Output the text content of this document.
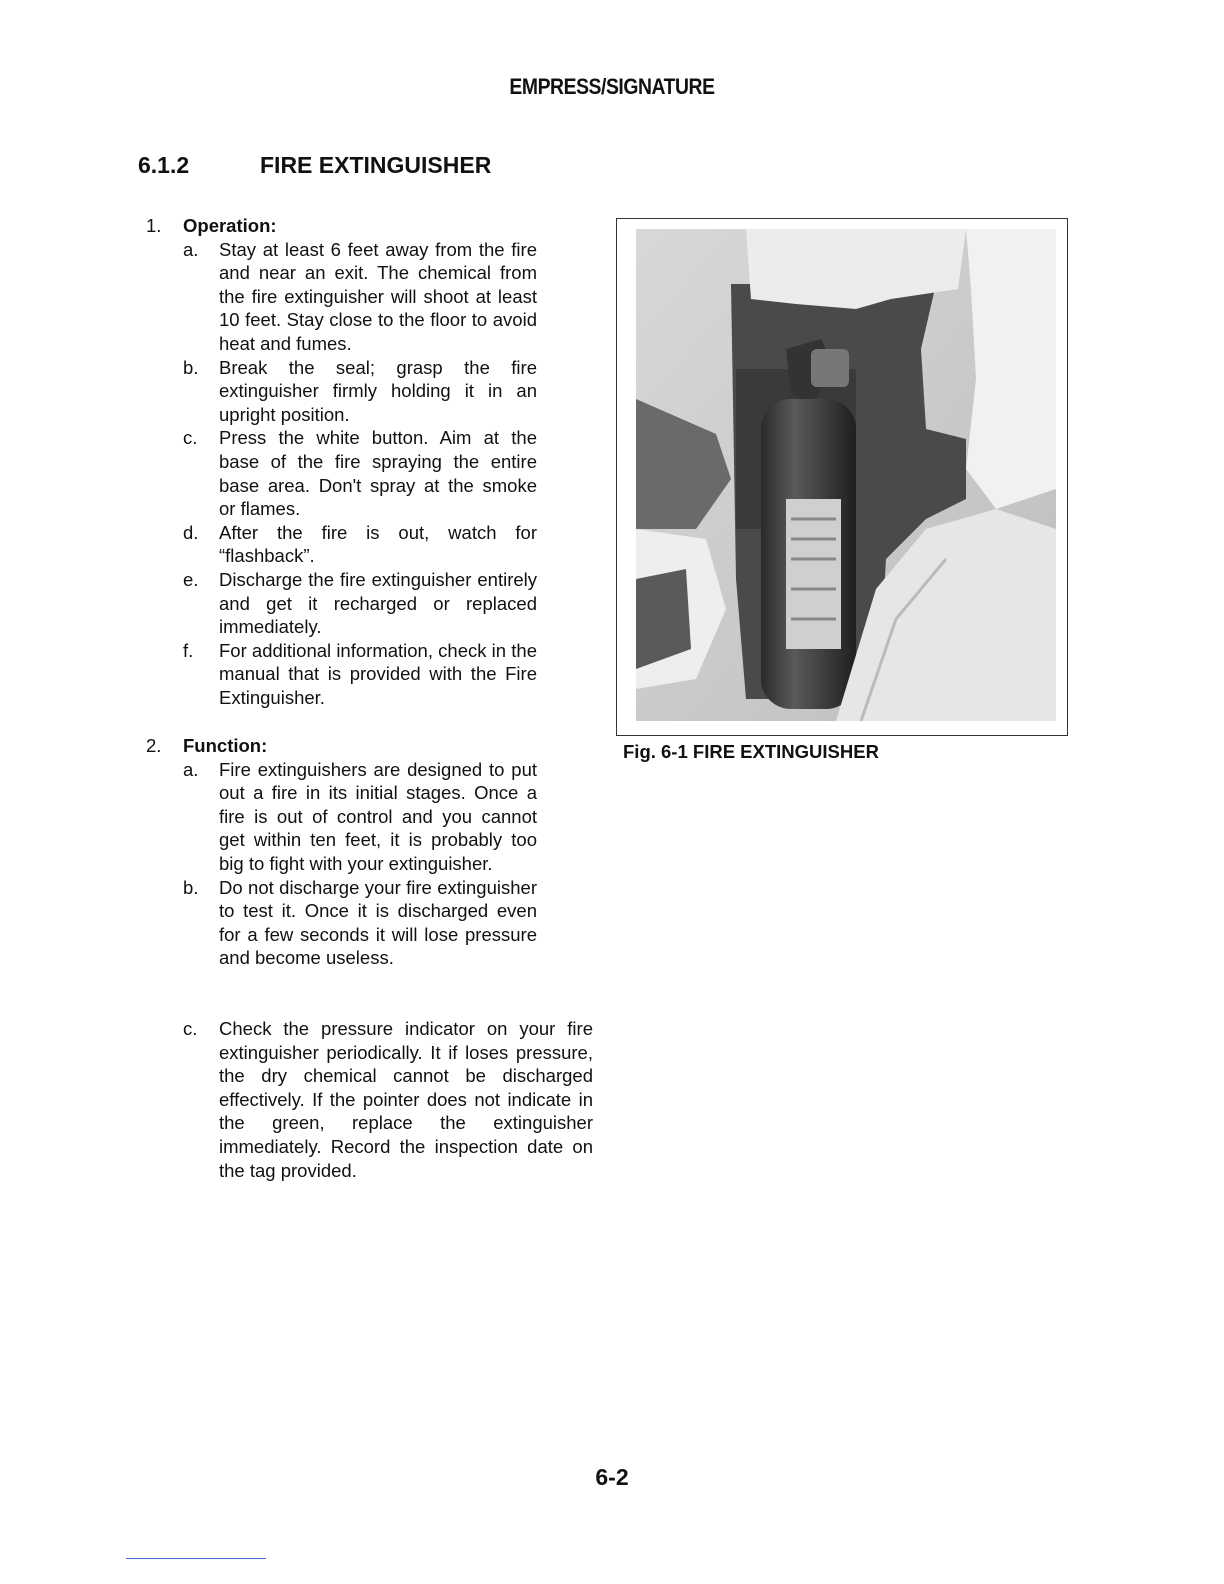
EMPRESS/SIGNATURE
6.1.2	FIRE EXTINGUISHER
1.	Operation:
a.	Stay at least 6 feet away from the fire and near an exit. The chemical from the fire extinguisher will shoot at least 10 feet. Stay close to the floor to avoid heat and fumes.
b.	Break the seal; grasp the fire extinguisher firmly holding it in an upright position.
c.	Press the white button. Aim at the base of the fire spraying the entire base area. Don't spray at the smoke or flames.
d.	After the fire is out, watch for “flashback”.
e.	Discharge the fire extinguisher entirely and get it recharged or replaced immediately.
f.	For additional information, check in the manual that is provided with the Fire Extinguisher.
2.	Function:
a.	Fire extinguishers are designed to put out a fire in its initial stages. Once a fire is out of control and you cannot get within ten feet, it is probably too big to fight with your extinguisher.
b.	Do not discharge your fire extinguisher to test it. Once it is discharged even for a few seconds it will lose pressure and become useless.
c.	Check the pressure indicator on your fire extinguisher periodically. It if loses pressure, the dry chemical cannot be discharged effectively. If the pointer does not indicate in the green, replace the extinguisher immediately. Record the inspection date on the tag provided.
Fig. 6-1 FIRE EXTINGUISHER
6-2
